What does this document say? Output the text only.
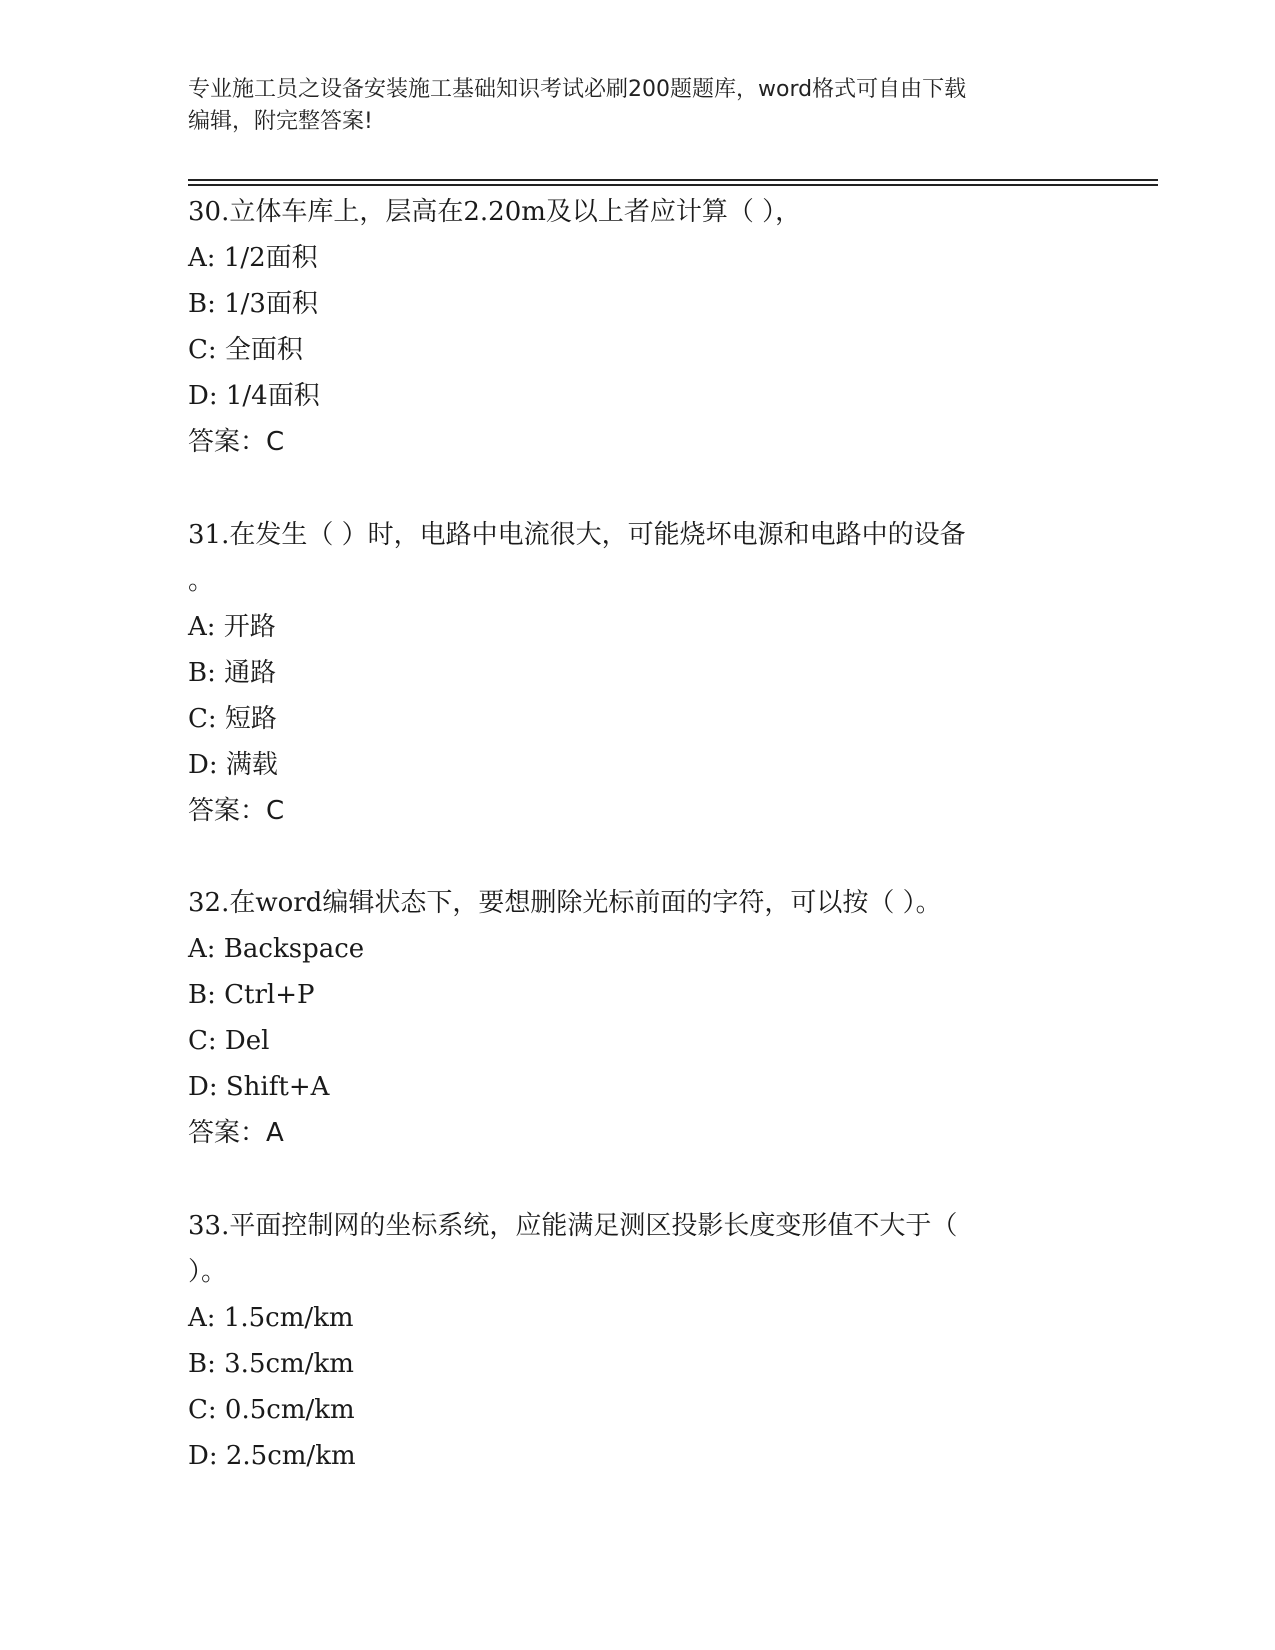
专业施工员之设备安装施工基础知识考试必刷200题题库，word格式可自由下载
编辑，附完整答案!
30.立体车库上，层高在2.20m及以上者应计算（ ），
A: 1/2面积
B: 1/3面积
C: 全面积
D: 1/4面积
答案：C
31.在发生（ ）时，电路中电流很大，可能烧坏电源和电路中的设备
。
A: 开路
B: 通路
C: 短路
D: 满载
答案：C
32.在word编辑状态下，要想删除光标前面的字符，可以按（ ）。
A: Backspace
B: Ctrl+P
C: Del
D: Shift+A
答案：A
33.平面控制网的坐标系统，应能满足测区投影长度变形值不大于（
）。
A: 1.5cm/km
B: 3.5cm/km
C: 0.5cm/km
D: 2.5cm/km
